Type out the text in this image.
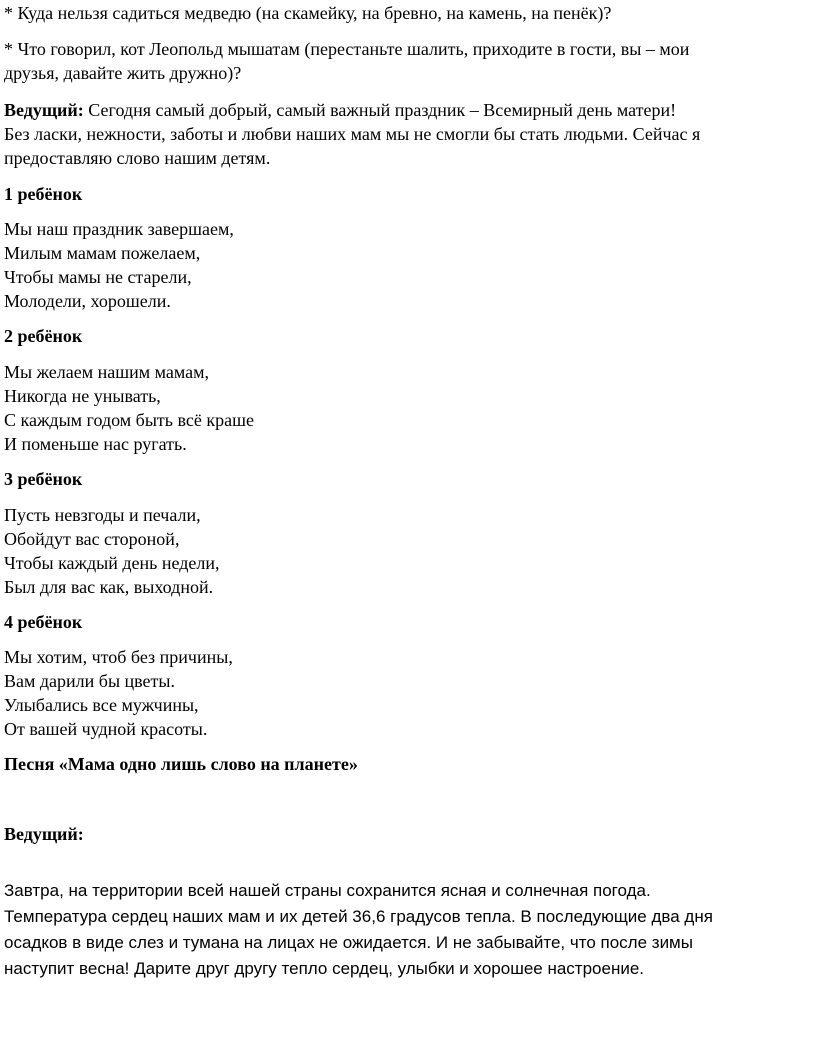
* Куда нельзя садиться медведю (на скамейку, на бревно, на камень, на пенёк)?

* Что говорил, кот Леопольд мышатам (перестаньте шалить, приходите в гости, вы – мои
друзья, давайте жить дружно)?

Ведущий: Сегодня самый добрый, самый важный праздник – Всемирный день матери!
Без ласки, нежности, заботы и любви наших мам мы не смогли бы стать людьми. Сейчас я
предоставляю слово нашим детям.

1 ребёнок

Мы наш праздник завершаем,
Милым мамам пожелаем,
Чтобы мамы не старели,
Молодели, хорошели.

2 ребёнок

Мы желаем нашим мамам,
Никогда не унывать,
С каждым годом быть всё краше
И поменьше нас ругать.

3 ребёнок

Пусть невзгоды и печали,
Обойдут вас стороной,
Чтобы каждый день недели,
Был для вас как, выходной.

4 ребёнок

Мы хотим, чтоб без причины,
Вам дарили бы цветы.
Улыбались все мужчины,
От вашей чудной красоты.

Песня «Мама одно лишь слово на планете»

Ведущий:

Завтра, на территории всей нашей страны сохранится ясная и солнечная погода.
Температура сердец наших мам и их детей 36,6 градусов тепла. В последующие два дня
осадков в виде слез и тумана на лицах не ожидается. И не забывайте, что после зимы
наступит весна! Дарите друг другу тепло сердец, улыбки и хорошее настроение.
